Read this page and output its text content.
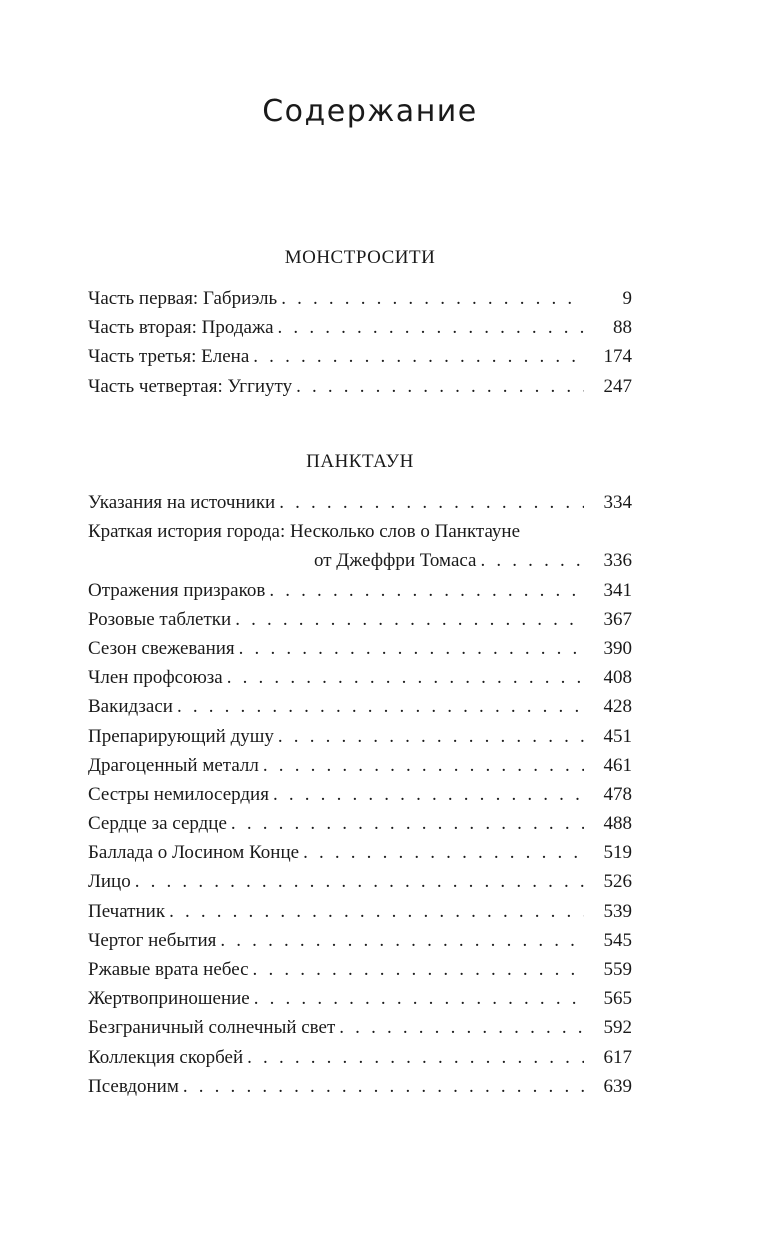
Содержание
МОНСТРОСИТИ
Часть первая: Габриэль . . .	9
Часть вторая: Продажа . . .	88
Часть третья: Елена . . .	174
Часть четвертая: Уггиуту . . .	247
ПАНКТАУН
Указания на источники . . .	334
Краткая история города: Несколько слов о Панктауне
от Джеффри Томаса . . .	336
Отражения призраков . . .	341
Розовые таблетки . . .	367
Сезон свежевания . . .	390
Член профсоюза . . .	408
Вакидзаси . . .	428
Препарирующий душу . . .	451
Драгоценный металл . . .	461
Сестры немилосердия . . .	478
Сердце за сердце . . .	488
Баллада о Лосином Конце . . .	519
Лицо . . .	526
Печатник . . .	539
Чертог небытия . . .	545
Ржавые врата небес . . .	559
Жертвоприношение . . .	565
Безграничный солнечный свет . . .	592
Коллекция скорбей . . .	617
Псевдоним . . .	639
